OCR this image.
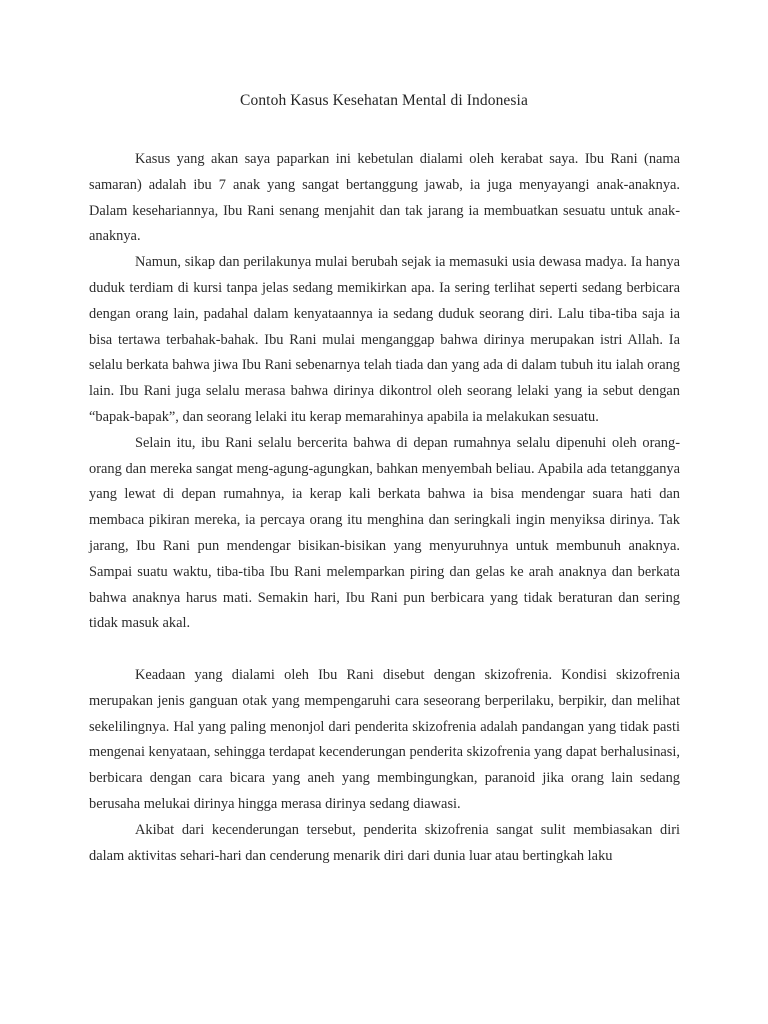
Contoh Kasus Kesehatan Mental di Indonesia

Kasus yang akan saya paparkan ini kebetulan dialami oleh kerabat saya. Ibu Rani (nama samaran) adalah ibu 7 anak yang sangat bertanggung jawab, ia juga menyayangi anak-anaknya. Dalam kesehariannya, Ibu Rani senang menjahit dan tak jarang ia membuatkan sesuatu untuk anak-anaknya.

Namun, sikap dan perilakunya mulai berubah sejak ia memasuki usia dewasa madya. Ia hanya duduk terdiam di kursi tanpa jelas sedang memikirkan apa. Ia sering terlihat seperti sedang berbicara dengan orang lain, padahal dalam kenyataannya ia sedang duduk seorang diri. Lalu tiba-tiba saja ia bisa tertawa terbahak-bahak. Ibu Rani mulai menganggap bahwa dirinya merupakan istri Allah. Ia selalu berkata bahwa jiwa Ibu Rani sebenarnya telah tiada dan yang ada di dalam tubuh itu ialah orang lain. Ibu Rani juga selalu merasa bahwa dirinya dikontrol oleh seorang lelaki yang ia sebut dengan “bapak-bapak”, dan seorang lelaki itu kerap memarahinya apabila ia melakukan sesuatu.

Selain itu, ibu Rani selalu bercerita bahwa di depan rumahnya selalu dipenuhi oleh orang-orang dan mereka sangat meng-agung-agungkan, bahkan menyembah beliau. Apabila ada tetangganya yang lewat di depan rumahnya, ia kerap kali berkata bahwa ia bisa mendengar suara hati dan membaca pikiran mereka, ia percaya orang itu menghina dan seringkali ingin menyiksa dirinya. Tak jarang, Ibu Rani pun mendengar bisikan-bisikan yang menyuruhnya untuk membunuh anaknya. Sampai suatu waktu, tiba-tiba Ibu Rani melemparkan piring dan gelas ke arah anaknya dan berkata bahwa anaknya harus mati. Semakin hari, Ibu Rani pun berbicara yang tidak beraturan dan sering tidak masuk akal.

Keadaan yang dialami oleh Ibu Rani disebut dengan skizofrenia. Kondisi skizofrenia merupakan jenis ganguan otak yang mempengaruhi cara seseorang berperilaku, berpikir, dan melihat sekelilingnya. Hal yang paling menonjol dari penderita skizofrenia adalah pandangan yang tidak pasti mengenai kenyataan, sehingga terdapat kecenderungan penderita skizofrenia yang dapat berhalusinasi, berbicara dengan cara bicara yang aneh yang membingungkan, paranoid jika orang lain sedang berusaha melukai dirinya hingga merasa dirinya sedang diawasi.

Akibat dari kecenderungan tersebut, penderita skizofrenia sangat sulit membiasakan diri dalam aktivitas sehari-hari dan cenderung menarik diri dari dunia luar atau bertingkah laku
